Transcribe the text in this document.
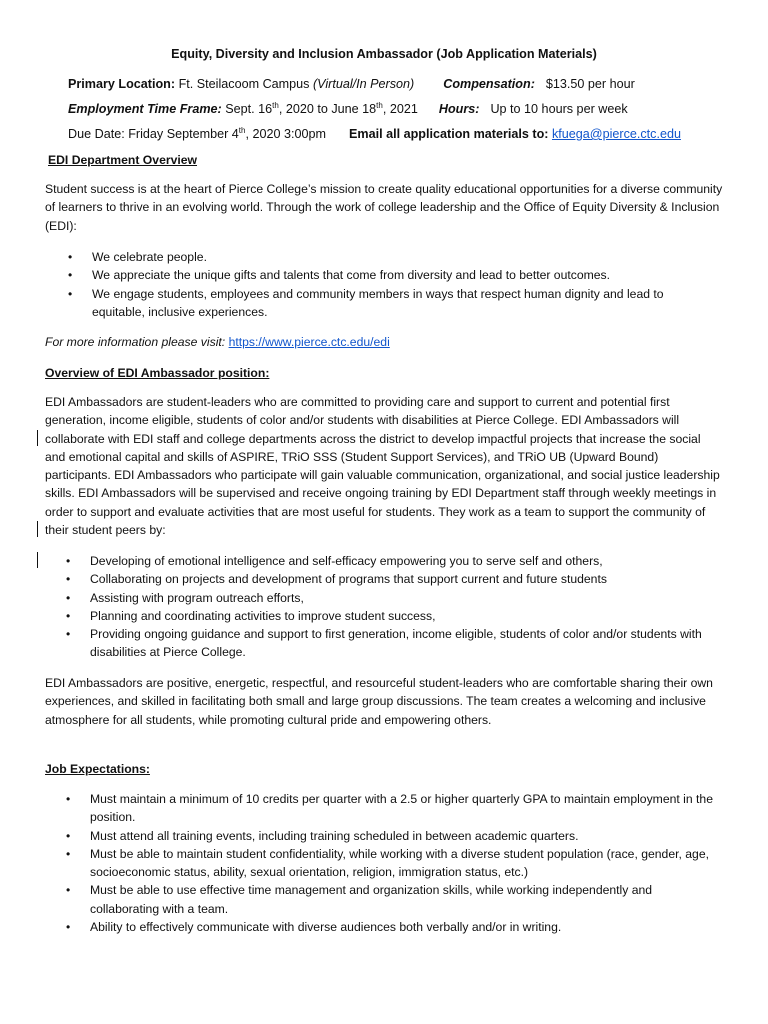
Equity, Diversity and Inclusion Ambassador (Job Application Materials)
Primary Location: Ft. Steilacoom Campus (Virtual/In Person) Compensation: $13.50 per hour
Employment Time Frame: Sept. 16th, 2020 to June 18th, 2021 Hours: Up to 10 hours per week
Due Date: Friday September 4th, 2020 3:00pm Email all application materials to: kfuega@pierce.ctc.edu
EDI Department Overview
Student success is at the heart of Pierce College’s mission to create quality educational opportunities for a diverse community of learners to thrive in an evolving world. Through the work of college leadership and the Office of Equity Diversity & Inclusion (EDI):
• We celebrate people.
• We appreciate the unique gifts and talents that come from diversity and lead to better outcomes.
• We engage students, employees and community members in ways that respect human dignity and lead to equitable, inclusive experiences.
For more information please visit: https://www.pierce.ctc.edu/edi
Overview of EDI Ambassador position:
EDI Ambassadors are student-leaders who are committed to providing care and support to current and potential first generation, income eligible, students of color and/or students with disabilities at Pierce College. EDI Ambassadors will collaborate with EDI staff and college departments across the district to develop impactful projects that increase the social and emotional capital and skills of ASPIRE, TRiO SSS (Student Support Services), and TRiO UB (Upward Bound) participants. EDI Ambassadors who participate will gain valuable communication, organizational, and social justice leadership skills. EDI Ambassadors will be supervised and receive ongoing training by EDI Department staff through weekly meetings in order to support and evaluate activities that are most useful for students. They work as a team to support the community of their student peers by:
• Developing of emotional intelligence and self-efficacy empowering you to serve self and others,
• Collaborating on projects and development of programs that support current and future students
• Assisting with program outreach efforts,
• Planning and coordinating activities to improve student success,
• Providing ongoing guidance and support to first generation, income eligible, students of color and/or students with disabilities at Pierce College.
EDI Ambassadors are positive, energetic, respectful, and resourceful student-leaders who are comfortable sharing their own experiences, and skilled in facilitating both small and large group discussions. The team creates a welcoming and inclusive atmosphere for all students, while promoting cultural pride and empowering others.
Job Expectations:
• Must maintain a minimum of 10 credits per quarter with a 2.5 or higher quarterly GPA to maintain employment in the position.
• Must attend all training events, including training scheduled in between academic quarters.
• Must be able to maintain student confidentiality, while working with a diverse student population (race, gender, age, socioeconomic status, ability, sexual orientation, religion, immigration status, etc.)
• Must be able to use effective time management and organization skills, while working independently and collaborating with a team.
• Ability to effectively communicate with diverse audiences both verbally and/or in writing.
